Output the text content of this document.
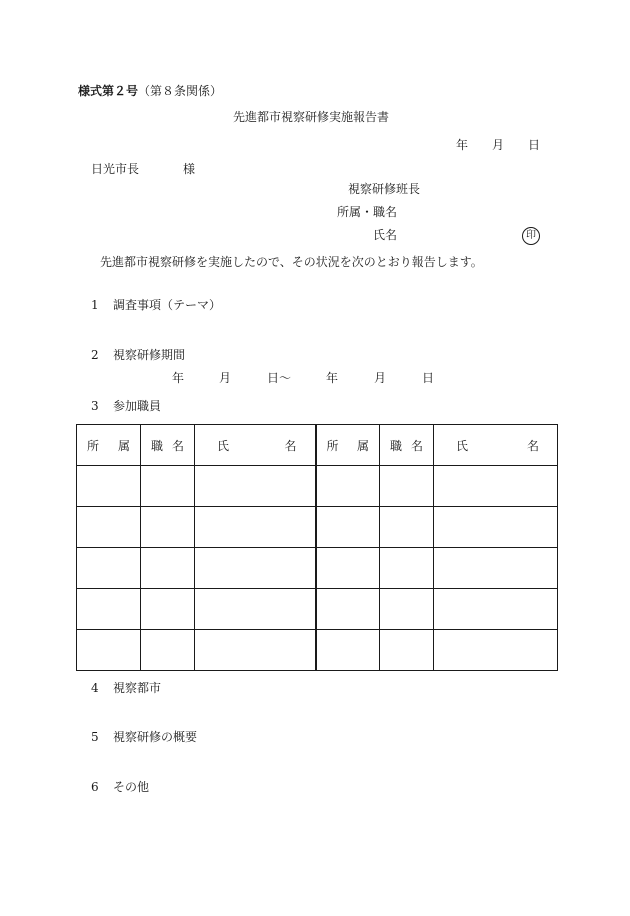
様式第２号（第８条関係）
先進都市視察研修実施報告書
年 月 日
日光市長	様
視察研修班長
所属・職名
氏名	印
先進都市視察研修を実施したので、その状況を次のとおり報告します。
1 調査事項（テーマ）
2 視察研修期間
年	月	日〜	年	月	日
3 参加職員
所 属	職 名	氏 名	所 属	職 名	氏 名

4 視察都市
5 視察研修の概要
6 その他
